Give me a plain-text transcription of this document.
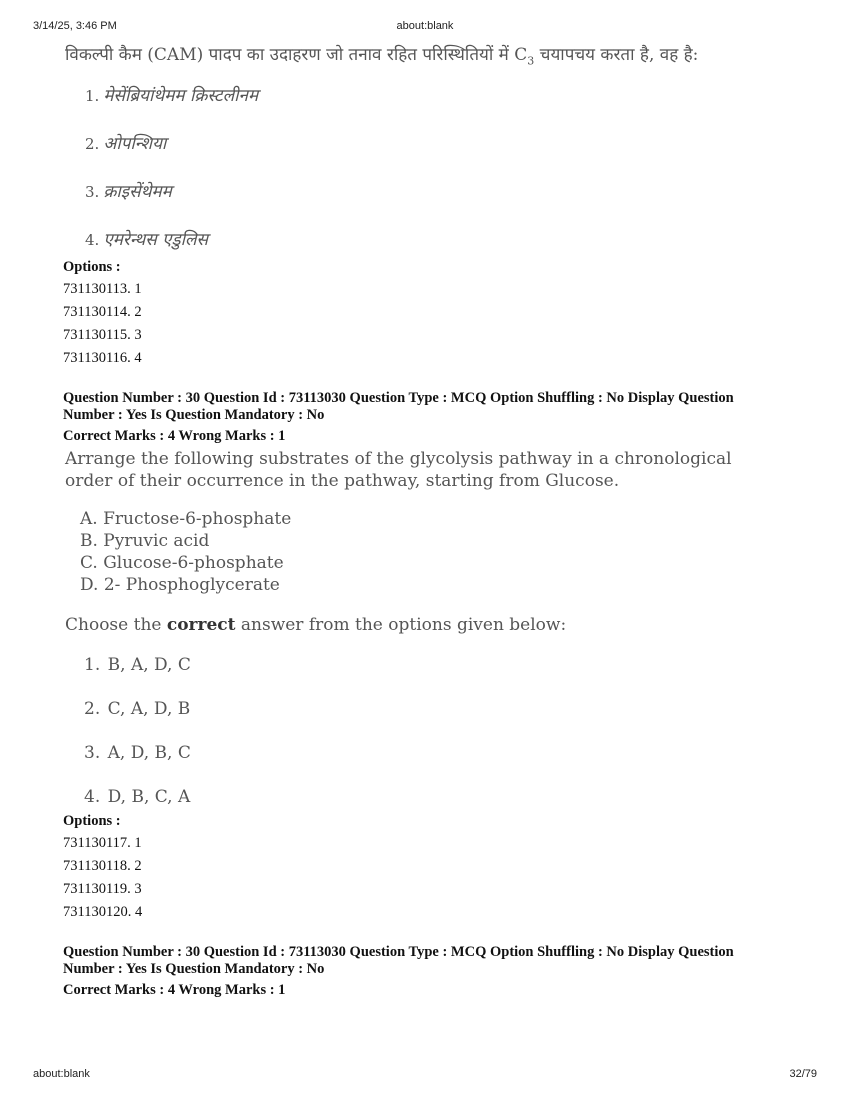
3/14/25, 3:46 PM	about:blank
विकल्पी कैम (CAM) पादप का उदाहरण जो तनाव रहित परिस्थितियों में $C_3$ चयापचय करता है, वह है:
1. मेसेंब्रियांथेमम क्रिस्टलीनम
2. ओपन्शिया
3. क्राइसेंथेमम
4. एमरेन्थस एडुलिस
Options :
731130113. 1
731130114. 2
731130115. 3
731130116. 4
Question Number : 30 Question Id : 73113030 Question Type : MCQ Option Shuffling : No Display Question
Number : Yes Is Question Mandatory : No
Correct Marks : 4 Wrong Marks : 1
Arrange the following substrates of the glycolysis pathway in a chronological order of their occurrence in the pathway, starting from Glucose.
A. Fructose-6-phosphate
B. Pyruvic acid
C. Glucose-6-phosphate
D. 2- Phosphoglycerate
Choose the correct answer from the options given below:
1. B, A, D, C
2. C, A, D, B
3. A, D, B, C
4. D, B, C, A
Options :
731130117. 1
731130118. 2
731130119. 3
731130120. 4
Question Number : 30 Question Id : 73113030 Question Type : MCQ Option Shuffling : No Display Question
Number : Yes Is Question Mandatory : No
Correct Marks : 4 Wrong Marks : 1
about:blank	32/79
